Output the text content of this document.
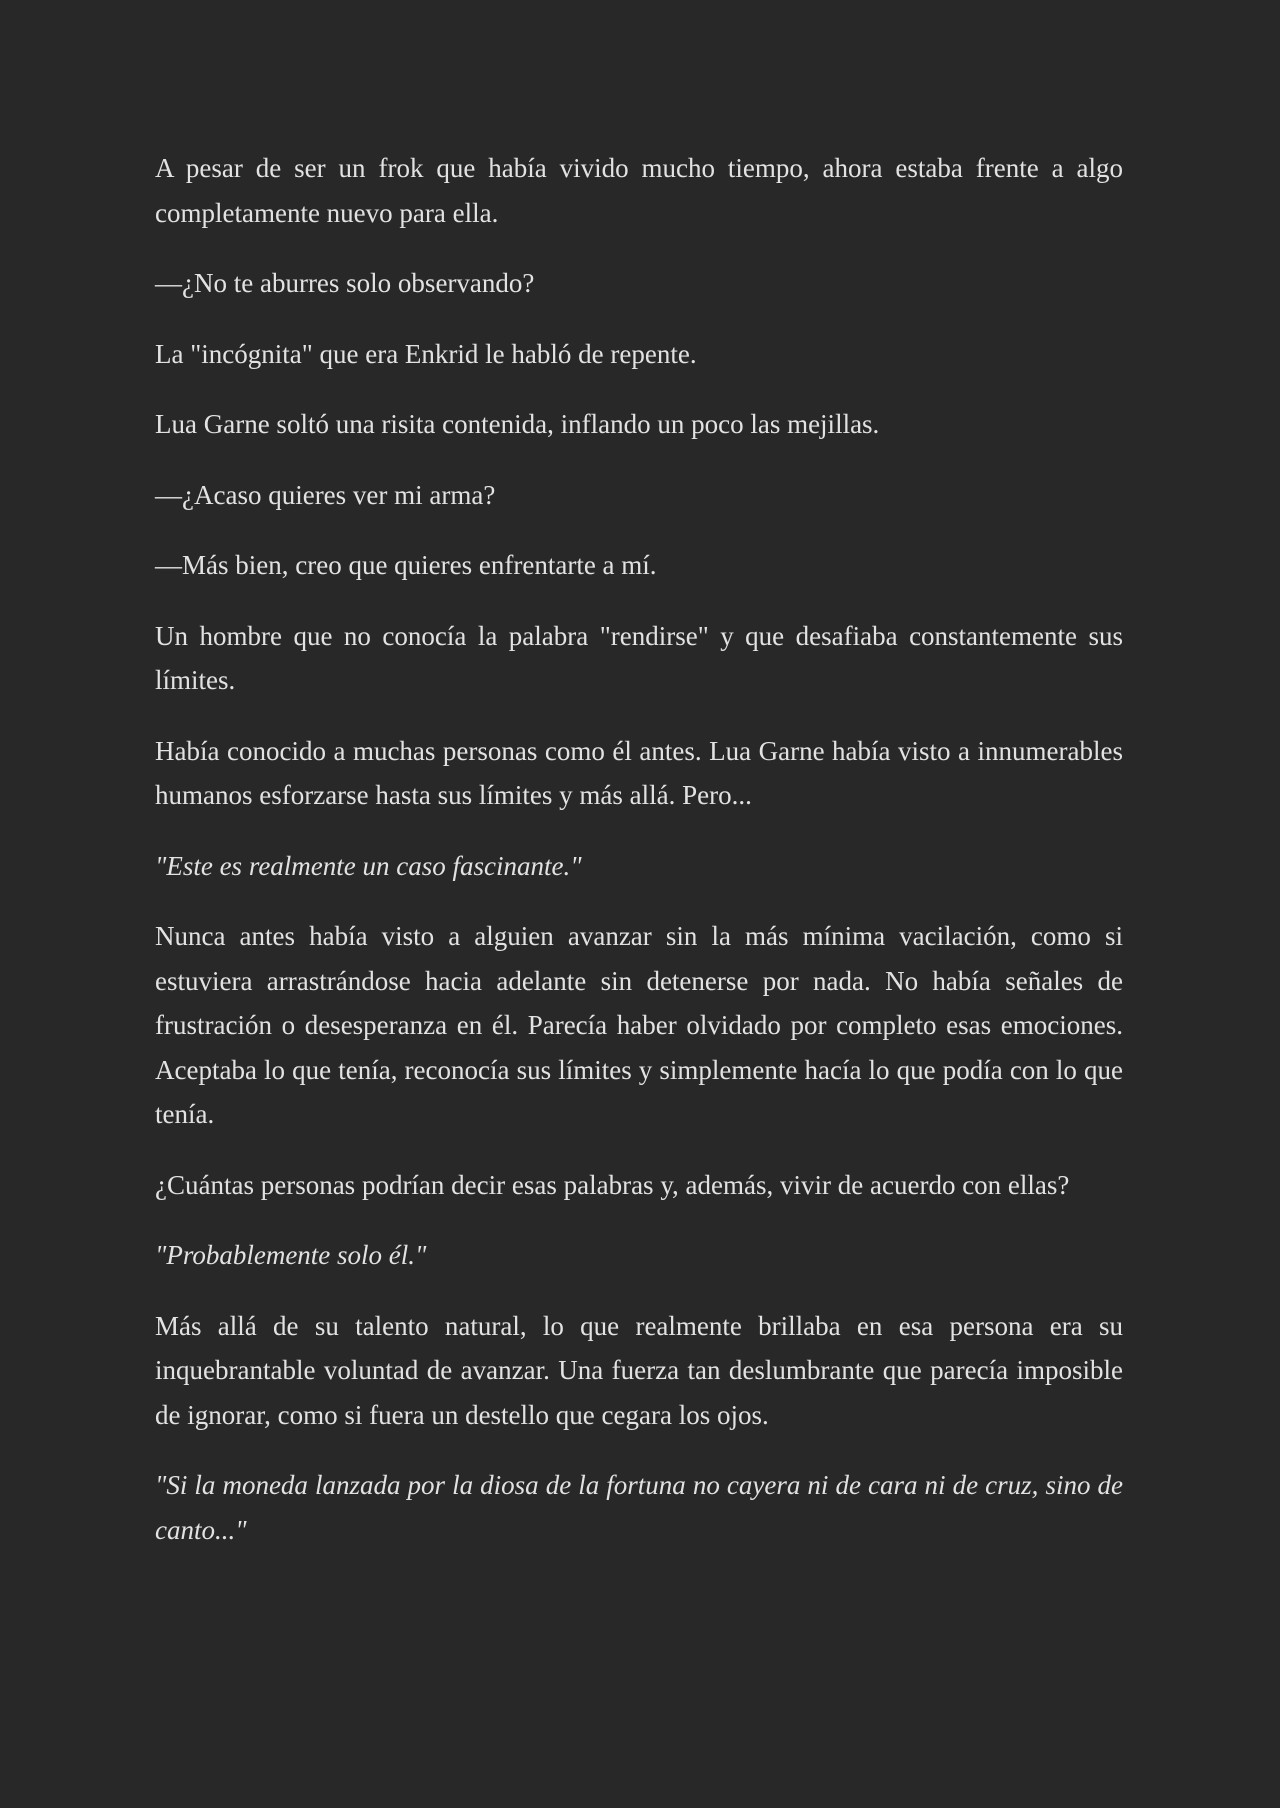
A pesar de ser un frok que había vivido mucho tiempo, ahora estaba frente a algo completamente nuevo para ella.

—¿No te aburres solo observando?

La "incógnita" que era Enkrid le habló de repente.

Lua Garne soltó una risita contenida, inflando un poco las mejillas.

—¿Acaso quieres ver mi arma?

—Más bien, creo que quieres enfrentarte a mí.

Un hombre que no conocía la palabra "rendirse" y que desafiaba constantemente sus límites.

Había conocido a muchas personas como él antes. Lua Garne había visto a innumerables humanos esforzarse hasta sus límites y más allá. Pero...

"Este es realmente un caso fascinante."

Nunca antes había visto a alguien avanzar sin la más mínima vacilación, como si estuviera arrastrándose hacia adelante sin detenerse por nada. No había señales de frustración o desesperanza en él. Parecía haber olvidado por completo esas emociones. Aceptaba lo que tenía, reconocía sus límites y simplemente hacía lo que podía con lo que tenía.

¿Cuántas personas podrían decir esas palabras y, además, vivir de acuerdo con ellas?

"Probablemente solo él."

Más allá de su talento natural, lo que realmente brillaba en esa persona era su inquebrantable voluntad de avanzar. Una fuerza tan deslumbrante que parecía imposible de ignorar, como si fuera un destello que cegara los ojos.

"Si la moneda lanzada por la diosa de la fortuna no cayera ni de cara ni de cruz, sino de canto..."
